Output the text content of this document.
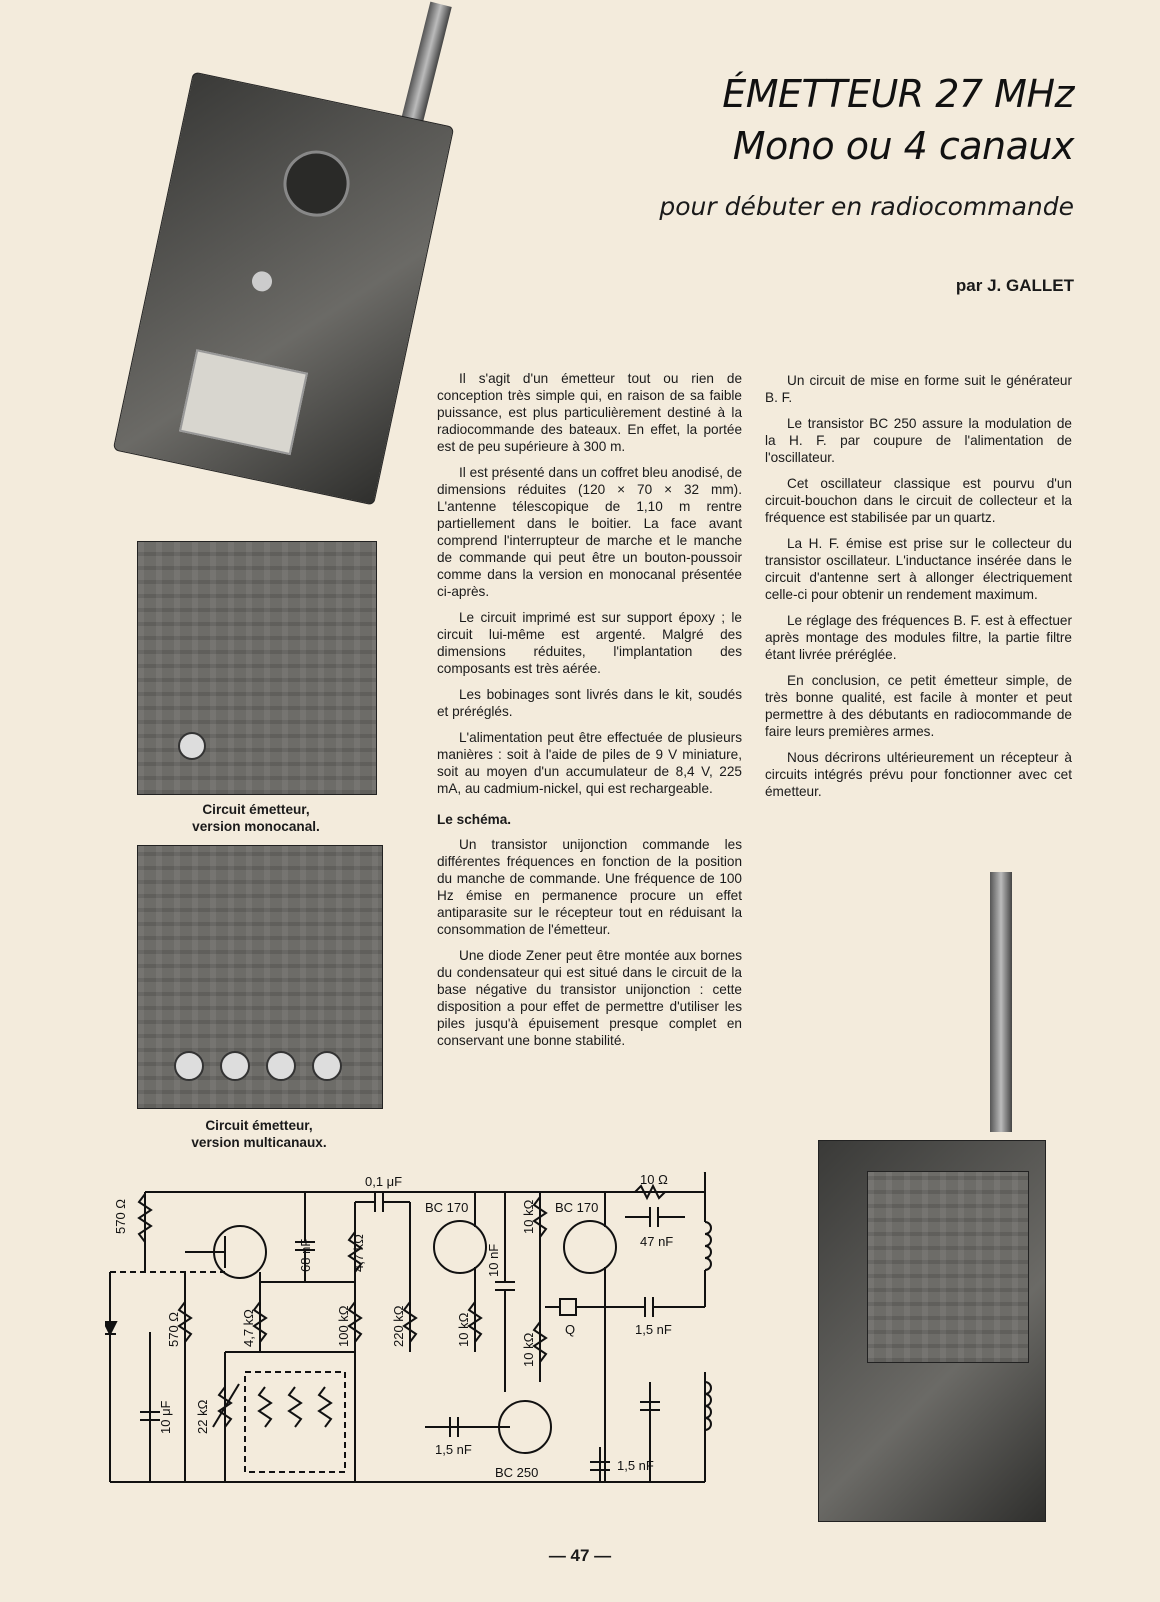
ÉMETTEUR 27 MHz
Mono ou 4 canaux
pour débuter en radiocommande
par J. GALLET
Circuit émetteur,
version monocanal.
Circuit émetteur,
version multicanaux.

Il s'agit d'un émetteur tout ou rien de conception très simple qui, en raison de sa faible puissance, est plus particulièrement destiné à la radiocommande des bateaux. En effet, la portée est de peu supérieure à 300 m.

Il est présenté dans un coffret bleu anodisé, de dimensions réduites (120 × 70 × 32 mm). L'antenne télescopique de 1,10 m rentre partiellement dans le boitier. La face avant comprend l'interrupteur de marche et le manche de commande qui peut être un bouton-poussoir comme dans la version en monocanal présentée ci-après.

Le circuit imprimé est sur support époxy ; le circuit lui-même est argenté. Malgré des dimensions réduites, l'implantation des composants est très aérée.

Les bobinages sont livrés dans le kit, soudés et préréglés.

L'alimentation peut être effectuée de plusieurs manières : soit à l'aide de piles de 9 V miniature, soit au moyen d'un accumulateur de 8,4 V, 225 mA, au cadmium-nickel, qui est rechargeable.

Le schéma.

Un transistor unijonction commande les différentes fréquences en fonction de la position du manche de commande. Une fréquence de 100 Hz émise en permanence procure un effet antiparasite sur le récepteur tout en réduisant la consommation de l'émetteur.

Une diode Zener peut être montée aux bornes du condensateur qui est situé dans le circuit de la base négative du transistor unijonction : cette disposition a pour effet de permettre d'utiliser les piles jusqu'à épuisement presque complet en conservant une bonne stabilité.

Un circuit de mise en forme suit le générateur B. F.

Le transistor BC 250 assure la modulation de la H. F. par coupure de l'alimentation de l'oscillateur.

Cet oscillateur classique est pourvu d'un circuit-bouchon dans le circuit de collecteur et la fréquence est stabilisée par un quartz.

La H. F. émise est prise sur le collecteur du transistor oscillateur. L'inductance insérée dans le circuit d'antenne sert à allonger électriquement celle-ci pour obtenir un rendement maximum.

Le réglage des fréquences B. F. est à effectuer après montage des modules filtre, la partie filtre étant livrée préréglée.

En conclusion, ce petit émetteur simple, de très bonne qualité, est facile à monter et peut permettre à des débutants en radiocommande de faire leurs premières armes.

Nous décrirons ultérieurement un récepteur à circuits intégrés prévu pour fonctionner avec cet émetteur.

570 Ω
68 nF
0,1 μF
4,7 kΩ
BC 170
10 nF
10 kΩ BC 170
10 Ω
47 nF
Q	1,5 nF
570 Ω	4,7 kΩ	100 kΩ	220 kΩ	10 kΩ
10 kΩ
10 μF 22 kΩ
1,5 nF
BC 250	1,5 nF
— 47 —
